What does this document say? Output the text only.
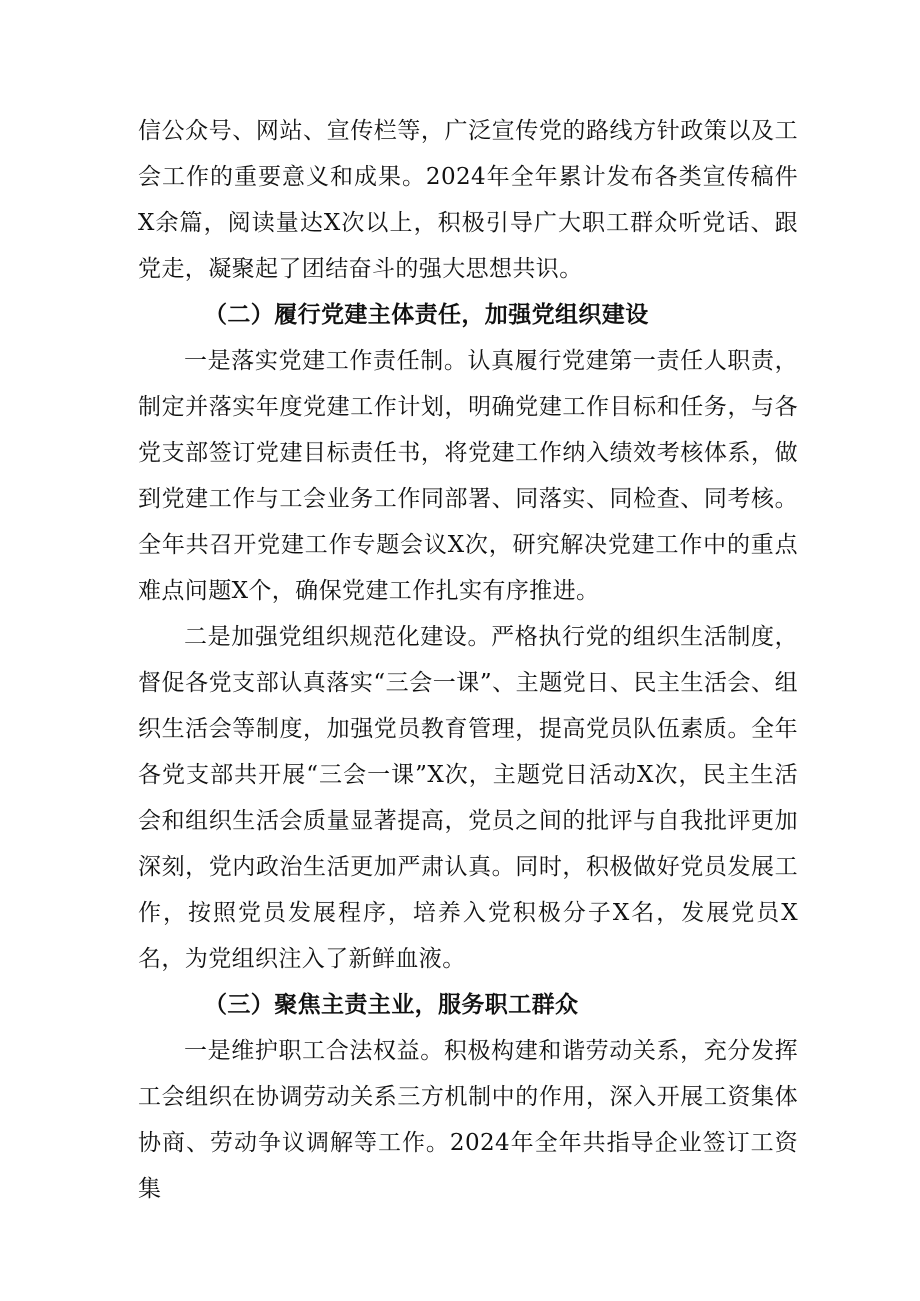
信公众号、网站、宣传栏等，广泛宣传党的路线方针政策以及工会工作的重要意义和成果。2024年全年累计发布各类宣传稿件X余篇，阅读量达X次以上，积极引导广大职工群众听党话、跟党走，凝聚起了团结奋斗的强大思想共识。

（二）履行党建主体责任，加强党组织建设

一是落实党建工作责任制。认真履行党建第一责任人职责，制定并落实年度党建工作计划，明确党建工作目标和任务，与各党支部签订党建目标责任书，将党建工作纳入绩效考核体系，做到党建工作与工会业务工作同部署、同落实、同检查、同考核。全年共召开党建工作专题会议X次，研究解决党建工作中的重点难点问题X个，确保党建工作扎实有序推进。

二是加强党组织规范化建设。严格执行党的组织生活制度，督促各党支部认真落实“三会一课”、主题党日、民主生活会、组织生活会等制度，加强党员教育管理，提高党员队伍素质。全年各党支部共开展“三会一课”X次，主题党日活动X次，民主生活会和组织生活会质量显著提高，党员之间的批评与自我批评更加深刻，党内政治生活更加严肃认真。同时，积极做好党员发展工作，按照党员发展程序，培养入党积极分子X名，发展党员X名，为党组织注入了新鲜血液。

（三）聚焦主责主业，服务职工群众

一是维护职工合法权益。积极构建和谐劳动关系，充分发挥工会组织在协调劳动关系三方机制中的作用，深入开展工资集体协商、劳动争议调解等工作。2024年全年共指导企业签订工资集
